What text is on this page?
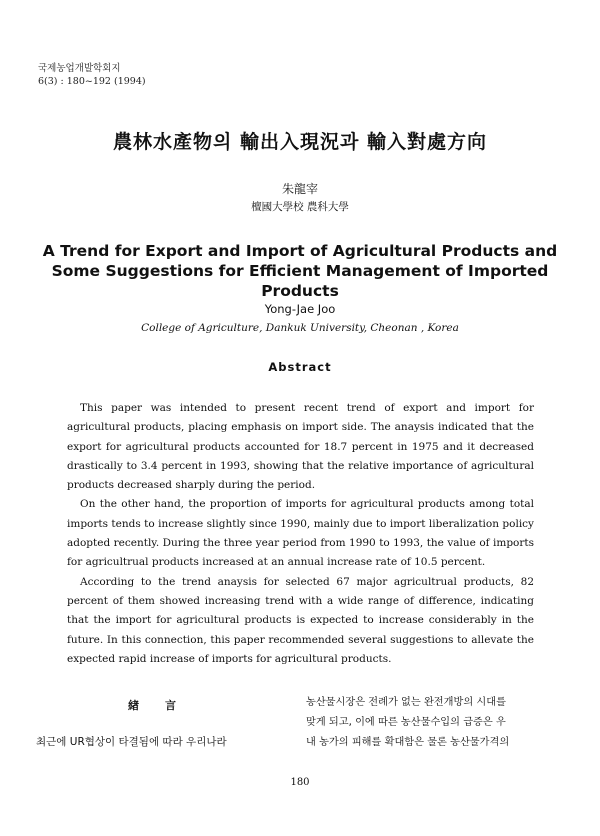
국제농업개발학회지
6(3) : 180~192 (1994)
農林水產物의 輸出入現況과 輸入對處方向
朱龍宰
檀國大學校 農科大學
A Trend for Export and Import of Agricultural Products and Some Suggestions for Efficient Management of Imported Products
Yong-Jae Joo
College of Agriculture, Dankuk University, Cheonan , Korea
Abstract

This paper was intended to present recent trend of export and import for agricultural products, placing emphasis on import side. The anaysis indicated that the export for agricultural products accounted for 18.7 percent in 1975 and it decreased drastically to 3.4 percent in 1993, showing that the relative importance of agricultural products decreased sharply during the period.

On the other hand, the proportion of imports for agricultural products among total imports tends to increase slightly since 1990, mainly due to import liberalization policy adopted recently. During the three year period from 1990 to 1993, the value of imports for agricultrual products increased at an annual increase rate of 10.5 percent.

According to the trend anaysis for selected 67 major agricultrual products, 82 percent of them showed increasing trend with a wide range of difference, indicating that the import for agricultural products is expected to increase considerably in the future. In this connection, this paper recommended several suggestions to allevate the expected rapid increase of imports for agricultural products.

緖言
최근에 UR협상이 타결됨에 따라 우리나라
농산물시장은 전례가 없는 완전개방의 시대를
맞게 되고, 이에 따른 농산물수입의 급증은 우
내 농가의 피해를 확대함은 물론 농산물가격의
180
